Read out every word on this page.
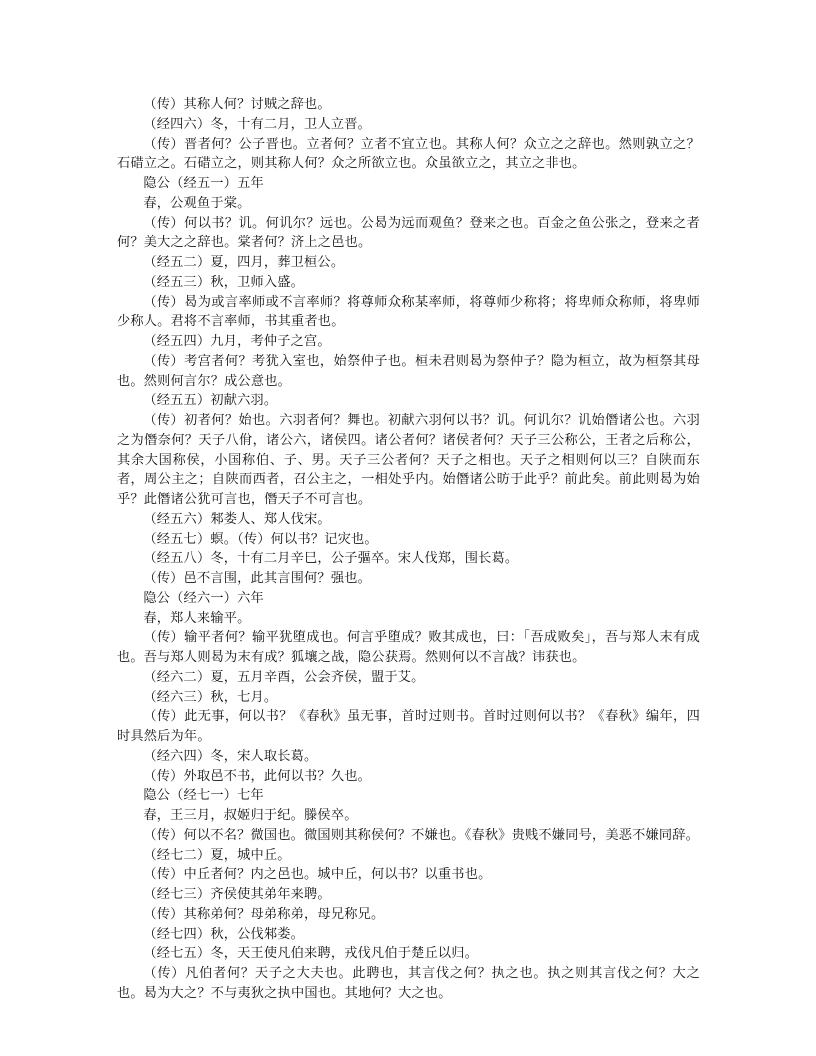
（传）其称人何？讨贼之辞也。

（经四六）冬，十有二月，卫人立晋。

（传）晋者何？公子晋也。立者何？立者不宜立也。其称人何？众立之之辞也。然则孰立之？石碏立之。石碏立之，则其称人何？众之所欲立也。众虽欲立之，其立之非也。

隐公（经五一）五年

春，公观鱼于棠。

（传）何以书？讥。何讥尔？远也。公曷为远而观鱼？登来之也。百金之鱼公张之，登来之者何？美大之之辞也。棠者何？济上之邑也。

（经五二）夏，四月，葬卫桓公。

（经五三）秋，卫师入盛。

（传）曷为或言率师或不言率师？将尊师众称某率师，将尊师少称将；将卑师众称师，将卑师少称人。君将不言率师，书其重者也。

（经五四）九月，考仲子之宫。

（传）考宫者何？考犹入室也，始祭仲子也。桓未君则曷为祭仲子？隐为桓立，故为桓祭其母也。然则何言尔？成公意也。

（经五五）初献六羽。

（传）初者何？始也。六羽者何？舞也。初献六羽何以书？讥。何讥尔？讥始僭诸公也。六羽之为僭奈何？天子八佾，诸公六，诸侯四。诸公者何？诸侯者何？天子三公称公，王者之后称公，其余大国称侯，小国称伯、子、男。天子三公者何？天子之相也。天子之相则何以三？自陕而东者，周公主之；自陕而西者，召公主之，一相处乎内。始僭诸公昉于此乎？前此矣。前此则曷为始乎？此僭诸公犹可言也，僭天子不可言也。

（经五六）邾娄人、郑人伐宋。

（经五七）螟。（传）何以书？记灾也。

（经五八）冬，十有二月辛巳，公子彄卒。宋人伐郑，围长葛。

（传）邑不言围，此其言围何？强也。

隐公（经六一）六年

春，郑人来输平。

（传）输平者何？输平犹堕成也。何言乎堕成？败其成也，曰：「吾成败矣」，吾与郑人末有成也。吾与郑人则曷为末有成？狐壤之战，隐公获焉。然则何以不言战？讳获也。

（经六二）夏，五月辛酉，公会齐侯，盟于艾。

（经六三）秋，七月。

（传）此无事，何以书？《春秋》虽无事，首时过则书。首时过则何以书？《春秋》编年，四时具然后为年。

（经六四）冬，宋人取长葛。

（传）外取邑不书，此何以书？久也。

隐公（经七一）七年

春，王三月，叔姬归于纪。滕侯卒。

（传）何以不名？微国也。微国则其称侯何？不嫌也。《春秋》贵贱不嫌同号，美恶不嫌同辞。

（经七二）夏，城中丘。

（传）中丘者何？内之邑也。城中丘，何以书？以重书也。

（经七三）齐侯使其弟年来聘。

（传）其称弟何？母弟称弟，母兄称兄。

（经七四）秋，公伐邾娄。

（经七五）冬，天王使凡伯来聘，戎伐凡伯于楚丘以归。

（传）凡伯者何？天子之大夫也。此聘也，其言伐之何？执之也。执之则其言伐之何？大之也。曷为大之？不与夷狄之执中国也。其地何？大之也。
